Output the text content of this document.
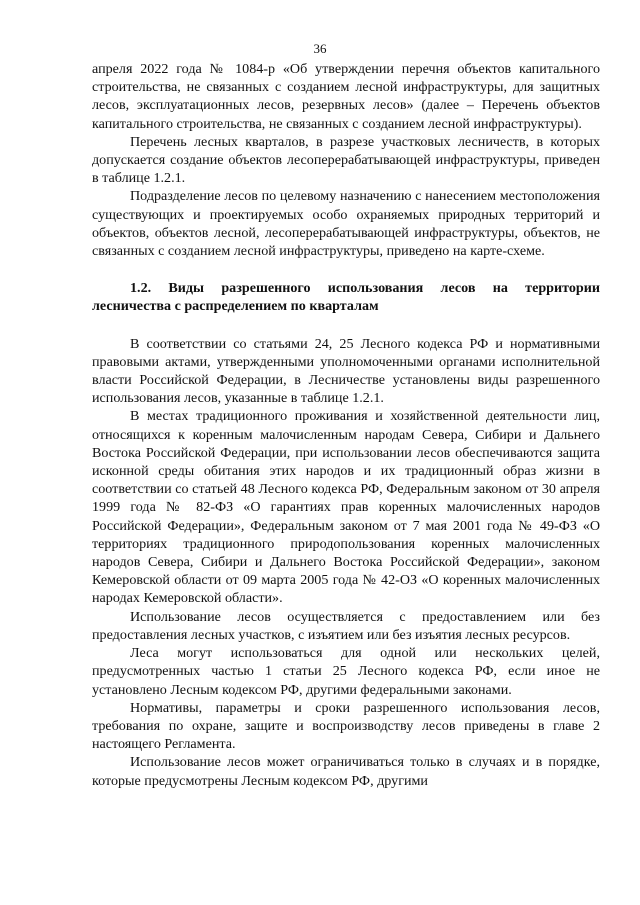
36

апреля 2022 года № 1084-р «Об утверждении перечня объектов капитального строительства, не связанных с созданием лесной инфраструктуры, для защитных лесов, эксплуатационных лесов, резервных лесов» (далее – Перечень объектов капитального строительства, не связанных с созданием лесной инфраструктуры).

Перечень лесных кварталов, в разрезе участковых лесничеств, в которых допускается создание объектов лесоперерабатывающей инфраструктуры, приведен в таблице 1.2.1.

Подразделение лесов по целевому назначению с нанесением местоположения существующих и проектируемых особо охраняемых природных территорий и объектов, объектов лесной, лесоперерабатывающей инфраструктуры, объектов, не связанных с созданием лесной инфраструктуры, приведено на карте-схеме.

1.2. Виды разрешенного использования лесов на территории лесничества с распределением по кварталам

В соответствии со статьями 24, 25 Лесного кодекса РФ и нормативными правовыми актами, утвержденными уполномоченными органами исполнительной власти Российской Федерации, в Лесничестве установлены виды разрешенного использования лесов, указанные в таблице 1.2.1.

В местах традиционного проживания и хозяйственной деятельности лиц, относящихся к коренным малочисленным народам Севера, Сибири и Дальнего Востока Российской Федерации, при использовании лесов обеспечиваются защита исконной среды обитания этих народов и их традиционный образ жизни в соответствии со статьей 48 Лесного кодекса РФ, Федеральным законом от 30 апреля 1999 года № 82-ФЗ «О гарантиях прав коренных малочисленных народов Российской Федерации», Федеральным законом от 7 мая 2001 года № 49-ФЗ «О территориях традиционного природопользования коренных малочисленных народов Севера, Сибири и Дальнего Востока Российской Федерации», законом Кемеровской области от 09 марта 2005 года № 42-ОЗ «О коренных малочисленных народах Кемеровской области».

Использование лесов осуществляется с предоставлением или без предоставления лесных участков, с изъятием или без изъятия лесных ресурсов.

Леса могут использоваться для одной или нескольких целей, предусмотренных частью 1 статьи 25 Лесного кодекса РФ, если иное не установлено Лесным кодексом РФ, другими федеральными законами.

Нормативы, параметры и сроки разрешенного использования лесов, требования по охране, защите и воспроизводству лесов приведены в главе 2 настоящего Регламента.

Использование лесов может ограничиваться только в случаях и в порядке, которые предусмотрены Лесным кодексом РФ, другими
